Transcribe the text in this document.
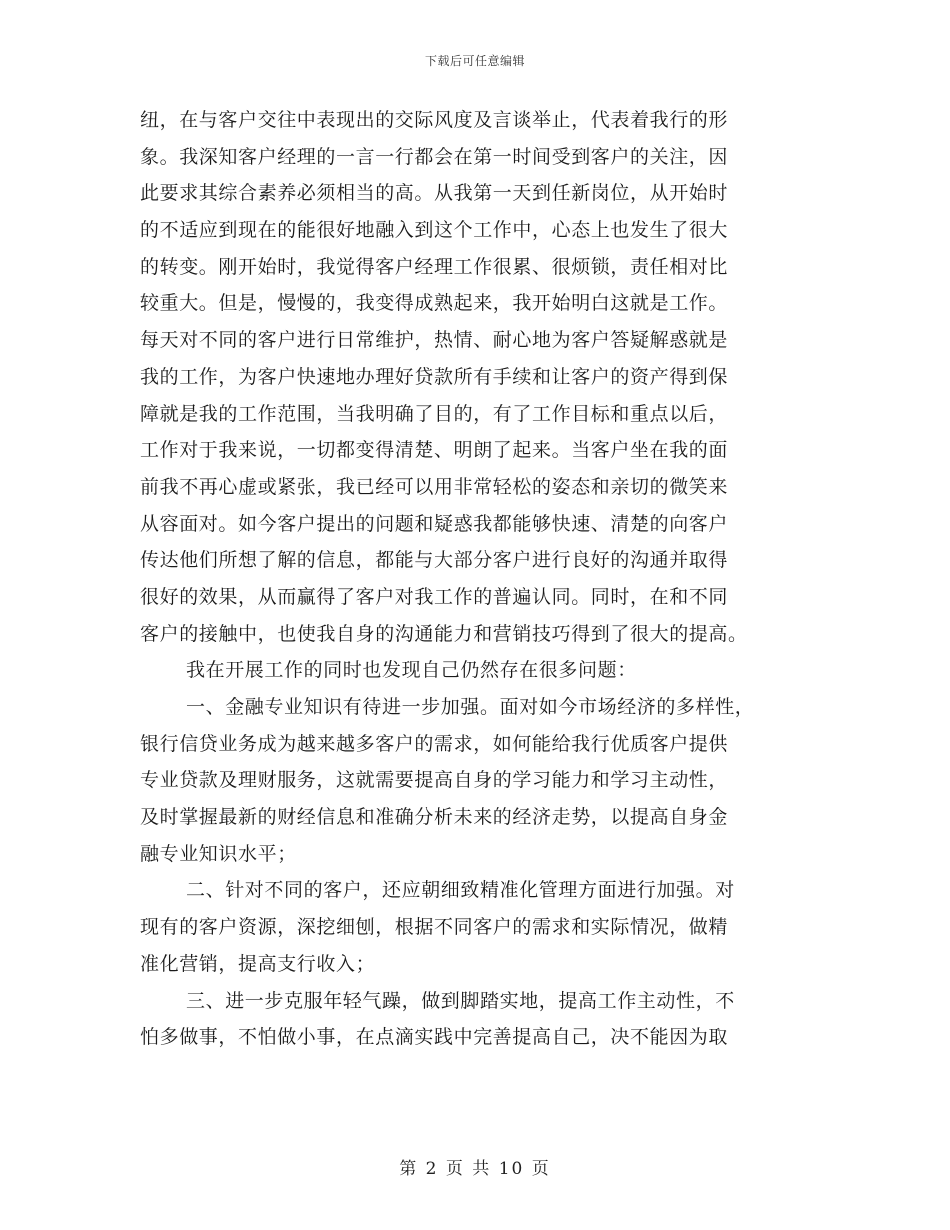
下载后可任意编辑
纽，在与客户交往中表现出的交际风度及言谈举止，代表着我行的形
象。我深知客户经理的一言一行都会在第一时间受到客户的关注，因
此要求其综合素养必须相当的高。从我第一天到任新岗位，从开始时
的不适应到现在的能很好地融入到这个工作中，心态上也发生了很大
的转变。刚开始时，我觉得客户经理工作很累、很烦锁，责任相对比
较重大。但是，慢慢的，我变得成熟起来，我开始明白这就是工作。
每天对不同的客户进行日常维护，热情、耐心地为客户答疑解惑就是
我的工作，为客户快速地办理好贷款所有手续和让客户的资产得到保
障就是我的工作范围，当我明确了目的，有了工作目标和重点以后，
工作对于我来说，一切都变得清楚、明朗了起来。当客户坐在我的面
前我不再心虚或紧张，我已经可以用非常轻松的姿态和亲切的微笑来
从容面对。如今客户提出的问题和疑惑我都能够快速、清楚的向客户
传达他们所想了解的信息，都能与大部分客户进行良好的沟通并取得
很好的效果，从而赢得了客户对我工作的普遍认同。同时，在和不同
客户的接触中，也使我自身的沟通能力和营销技巧得到了很大的提高。
我在开展工作的同时也发现自己仍然存在很多问题：
一、金融专业知识有待进一步加强。面对如今市场经济的多样性，
银行信贷业务成为越来越多客户的需求，如何能给我行优质客户提供
专业贷款及理财服务，这就需要提高自身的学习能力和学习主动性，
及时掌握最新的财经信息和准确分析未来的经济走势，以提高自身金
融专业知识水平；
二、针对不同的客户，还应朝细致精准化管理方面进行加强。对
现有的客户资源，深挖细刨，根据不同客户的需求和实际情况，做精
准化营销，提高支行收入；
三、进一步克服年轻气躁，做到脚踏实地，提高工作主动性，不
怕多做事，不怕做小事，在点滴实践中完善提高自己，决不能因为取
第 2 页 共 10 页
